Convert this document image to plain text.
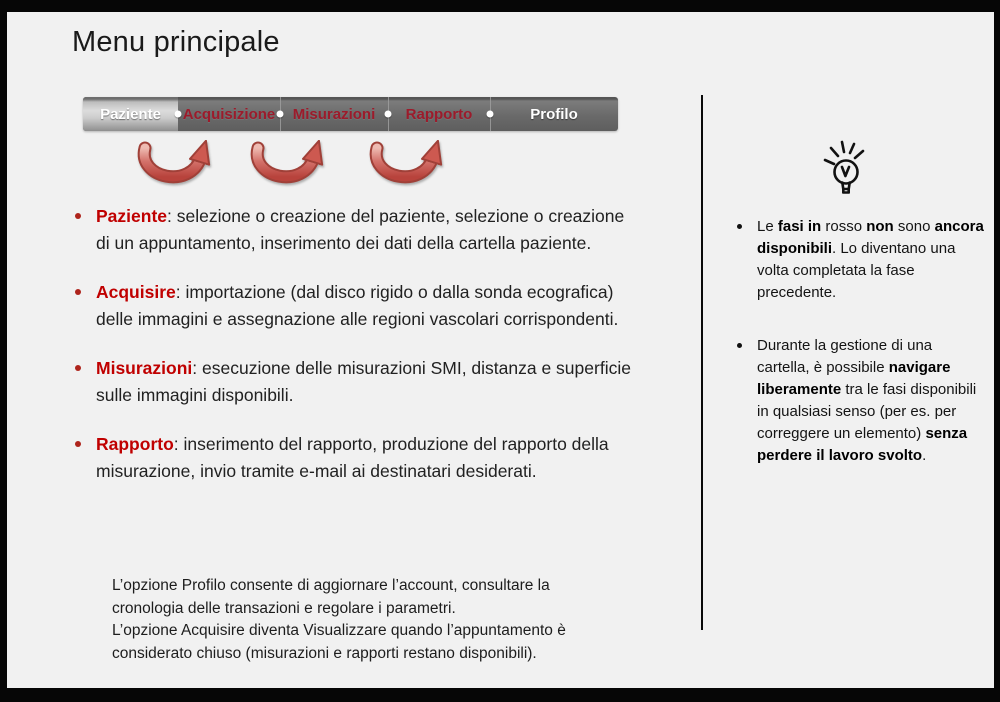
Menu principale
Paziente Acquisizione Misurazioni Rapporto	Profilo
Paziente: selezione o creazione del paziente, selezione o creazione di un appuntamento, inserimento dei dati della cartella paziente.
Acquisire: importazione (dal disco rigido o dalla sonda ecografica) delle immagini e assegnazione alle regioni vascolari corrispondenti.
Misurazioni: esecuzione delle misurazioni SMI, distanza e superficie sulle immagini disponibili.
Rapporto: inserimento del rapporto, produzione del rapporto della misurazione, invio tramite e-mail ai destinatari desiderati.

L’opzione Profilo consente di aggiornare l’account, consultare la cronologia delle transazioni e regolare i parametri.

L’opzione Acquisire diventa Visualizzare quando l’appuntamento è considerato chiuso (misurazioni e rapporti restano disponibili).

Le fasi in rosso non sono ancora disponibili. Lo diventano una volta completata la fase precedente.
Durante la gestione di una cartella, è possibile navigare liberamente tra le fasi disponibili in qualsiasi senso (per es. per correggere un elemento) senza perdere il lavoro svolto.
